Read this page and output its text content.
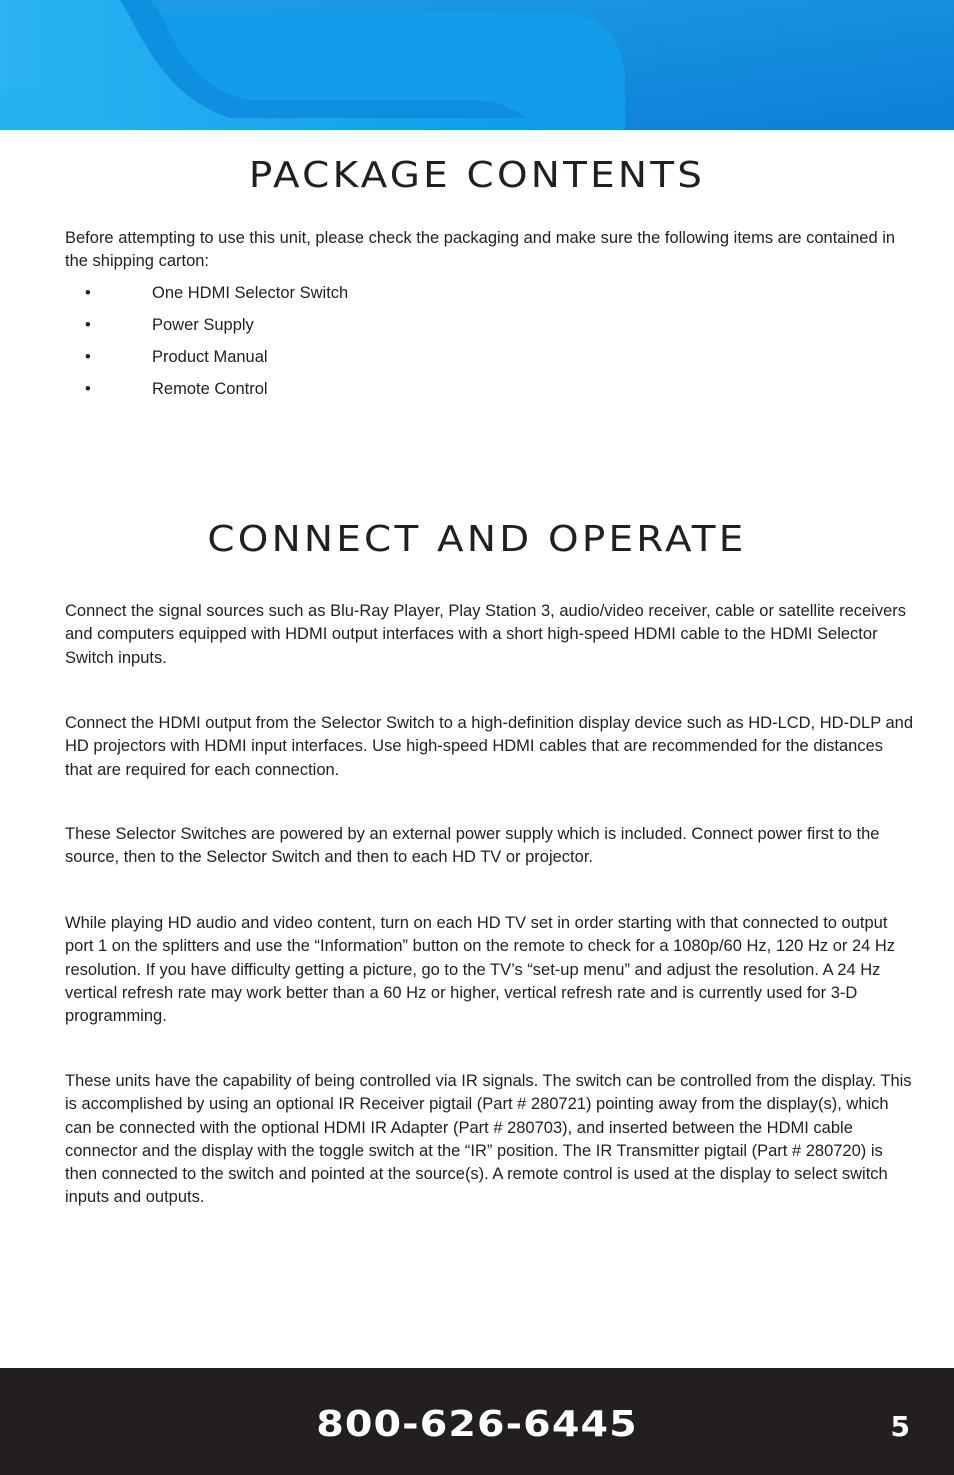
PACKAGE CONTENTS

Before attempting to use this unit, please check the packaging and make sure the following items are contained in the shipping carton:

•	One HDMI Selector Switch
•	Power Supply
•	Product Manual
•	Remote Control
CONNECT AND OPERATE

Connect the signal sources such as Blu-Ray Player, Play Station 3, audio/video receiver, cable or satellite receivers and computers equipped with HDMI output interfaces with a short high-speed HDMI cable to the HDMI Selector Switch inputs.

Connect the HDMI output from the Selector Switch to a high-definition display device such as HD-LCD, HD-DLP and HD projectors with HDMI input interfaces. Use high-speed HDMI cables that are recommended for the distances that are required for each connection.

These Selector Switches are powered by an external power supply which is included. Connect power first to the source, then to the Selector Switch and then to each HD TV or projector.

While playing HD audio and video content, turn on each HD TV set in order starting with that connected to output port 1 on the splitters and use the “Information” button on the remote to check for a 1080p/60 Hz, 120 Hz or 24 Hz resolution. If you have difficulty getting a picture, go to the TV’s “set-up menu” and adjust the resolution. A 24 Hz vertical refresh rate may work better than a 60 Hz or higher, vertical refresh rate and is currently used for 3-D programming.

These units have the capability of being controlled via IR signals. The switch can be controlled from the display. This is accomplished by using an optional IR Receiver pigtail (Part # 280721) pointing away from the display(s), which can be connected with the optional HDMI IR Adapter (Part # 280703), and inserted between the HDMI cable connector and the display with the toggle switch at the “IR” position. The IR Transmitter pigtail (Part # 280720) is then connected to the switch and pointed at the source(s). A remote control is used at the display to select switch inputs and outputs.

800-626-6445	5
